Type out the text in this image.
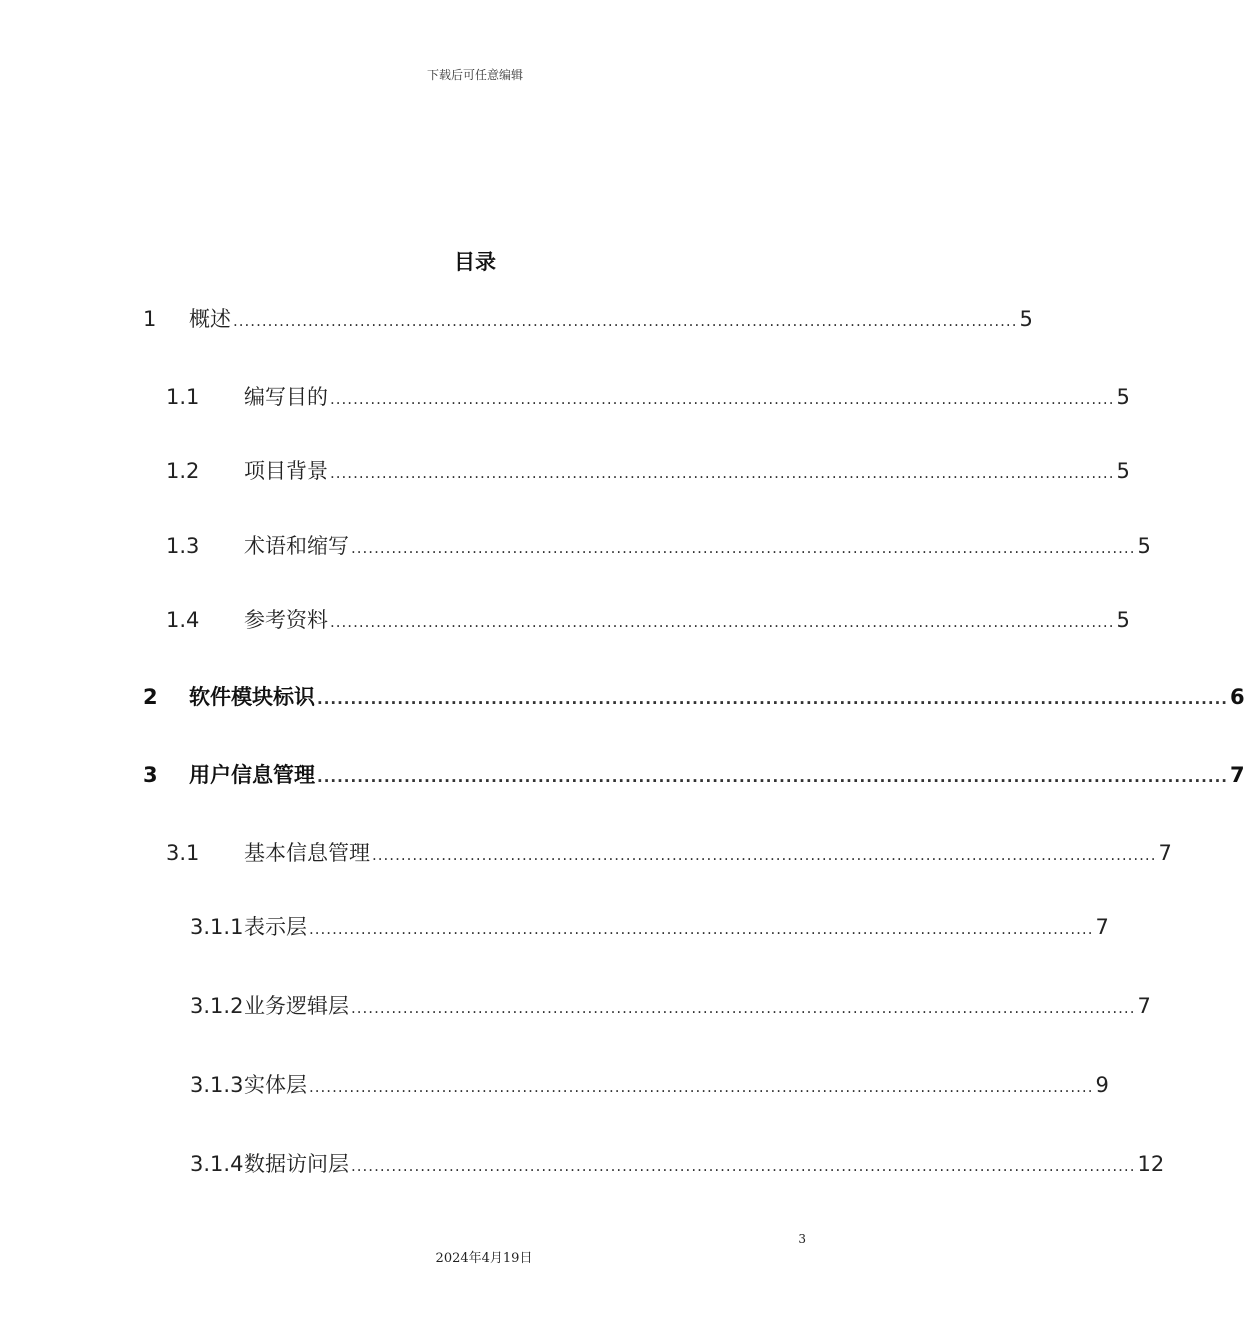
下载后可任意编辑
目录
1 概述 ........................................................................................................................................ 5
1.1 编写目的 ........................................................................................................................................ 5
1.2 项目背景 ........................................................................................................................................ 5
1.3 术语和缩写 ........................................................................................................................................ 5
1.4 参考资料 ........................................................................................................................................ 5
2 软件模块标识 ........................................................................................................................................ 6
3 用户信息管理 ........................................................................................................................................ 7
3.1 基本信息管理 ........................................................................................................................................ 7
3.1.1 表示层 ........................................................................................................................................ 7
3.1.2 业务逻辑层 ........................................................................................................................................ 7
3.1.3 实体层 ........................................................................................................................................ 9
3.1.4 数据访问层 ........................................................................................................................................ 12
3
2024年4月19日
